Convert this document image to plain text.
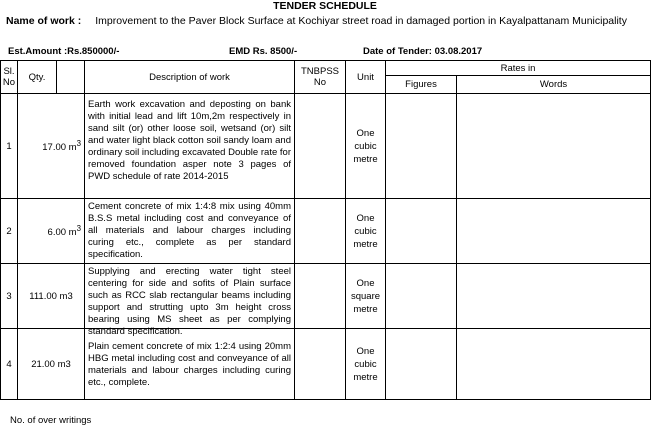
TENDER SCHEDULE
Name of work : Improvement to the Paver Block Surface at Kochiyar street road in damaged portion in Kayalpattanam Municipality
Est.Amount :Rs.850000/-	EMD Rs. 8500/-	Date of Tender: 03.08.2017
Sl. No	Qty.		Description of work	TNBPSS No	Unit	Rates in	
						Figures	Words
1	17.00 $m^3$		Earth work excavation and deposting on bank with initial lead and lift 10m,2m respectively in sand silt (or) other loose soil, wetsand (or) silt and water light black cotton soil sandy loam and ordinary soil including excavated Double rate for removed foundation asper note 3 pages of PWD schedule of rate 2014-2015		One cubic metre		
2	6.00 $m^3$		Cement concrete of mix 1:4:8 mix using 40mm B.S.S metal including cost and conveyance of all materials and labour charges including curing etc., complete as per standard specification.		One cubic metre		
3	111.00 m3		Supplying and erecting water tight steel centering for side and sofits of Plain surface such as RCC slab rectangular beams including support and strutting upto 3m height cross bearing using MS sheet as per complying standard specification.		One square metre		
4	21.00 m3		Plain cement concrete of mix 1:2:4 using 20mm HBG metal including cost and conveyance of all materials and labour charges including curing etc., complete.		One cubic metre		
No. of over writings
